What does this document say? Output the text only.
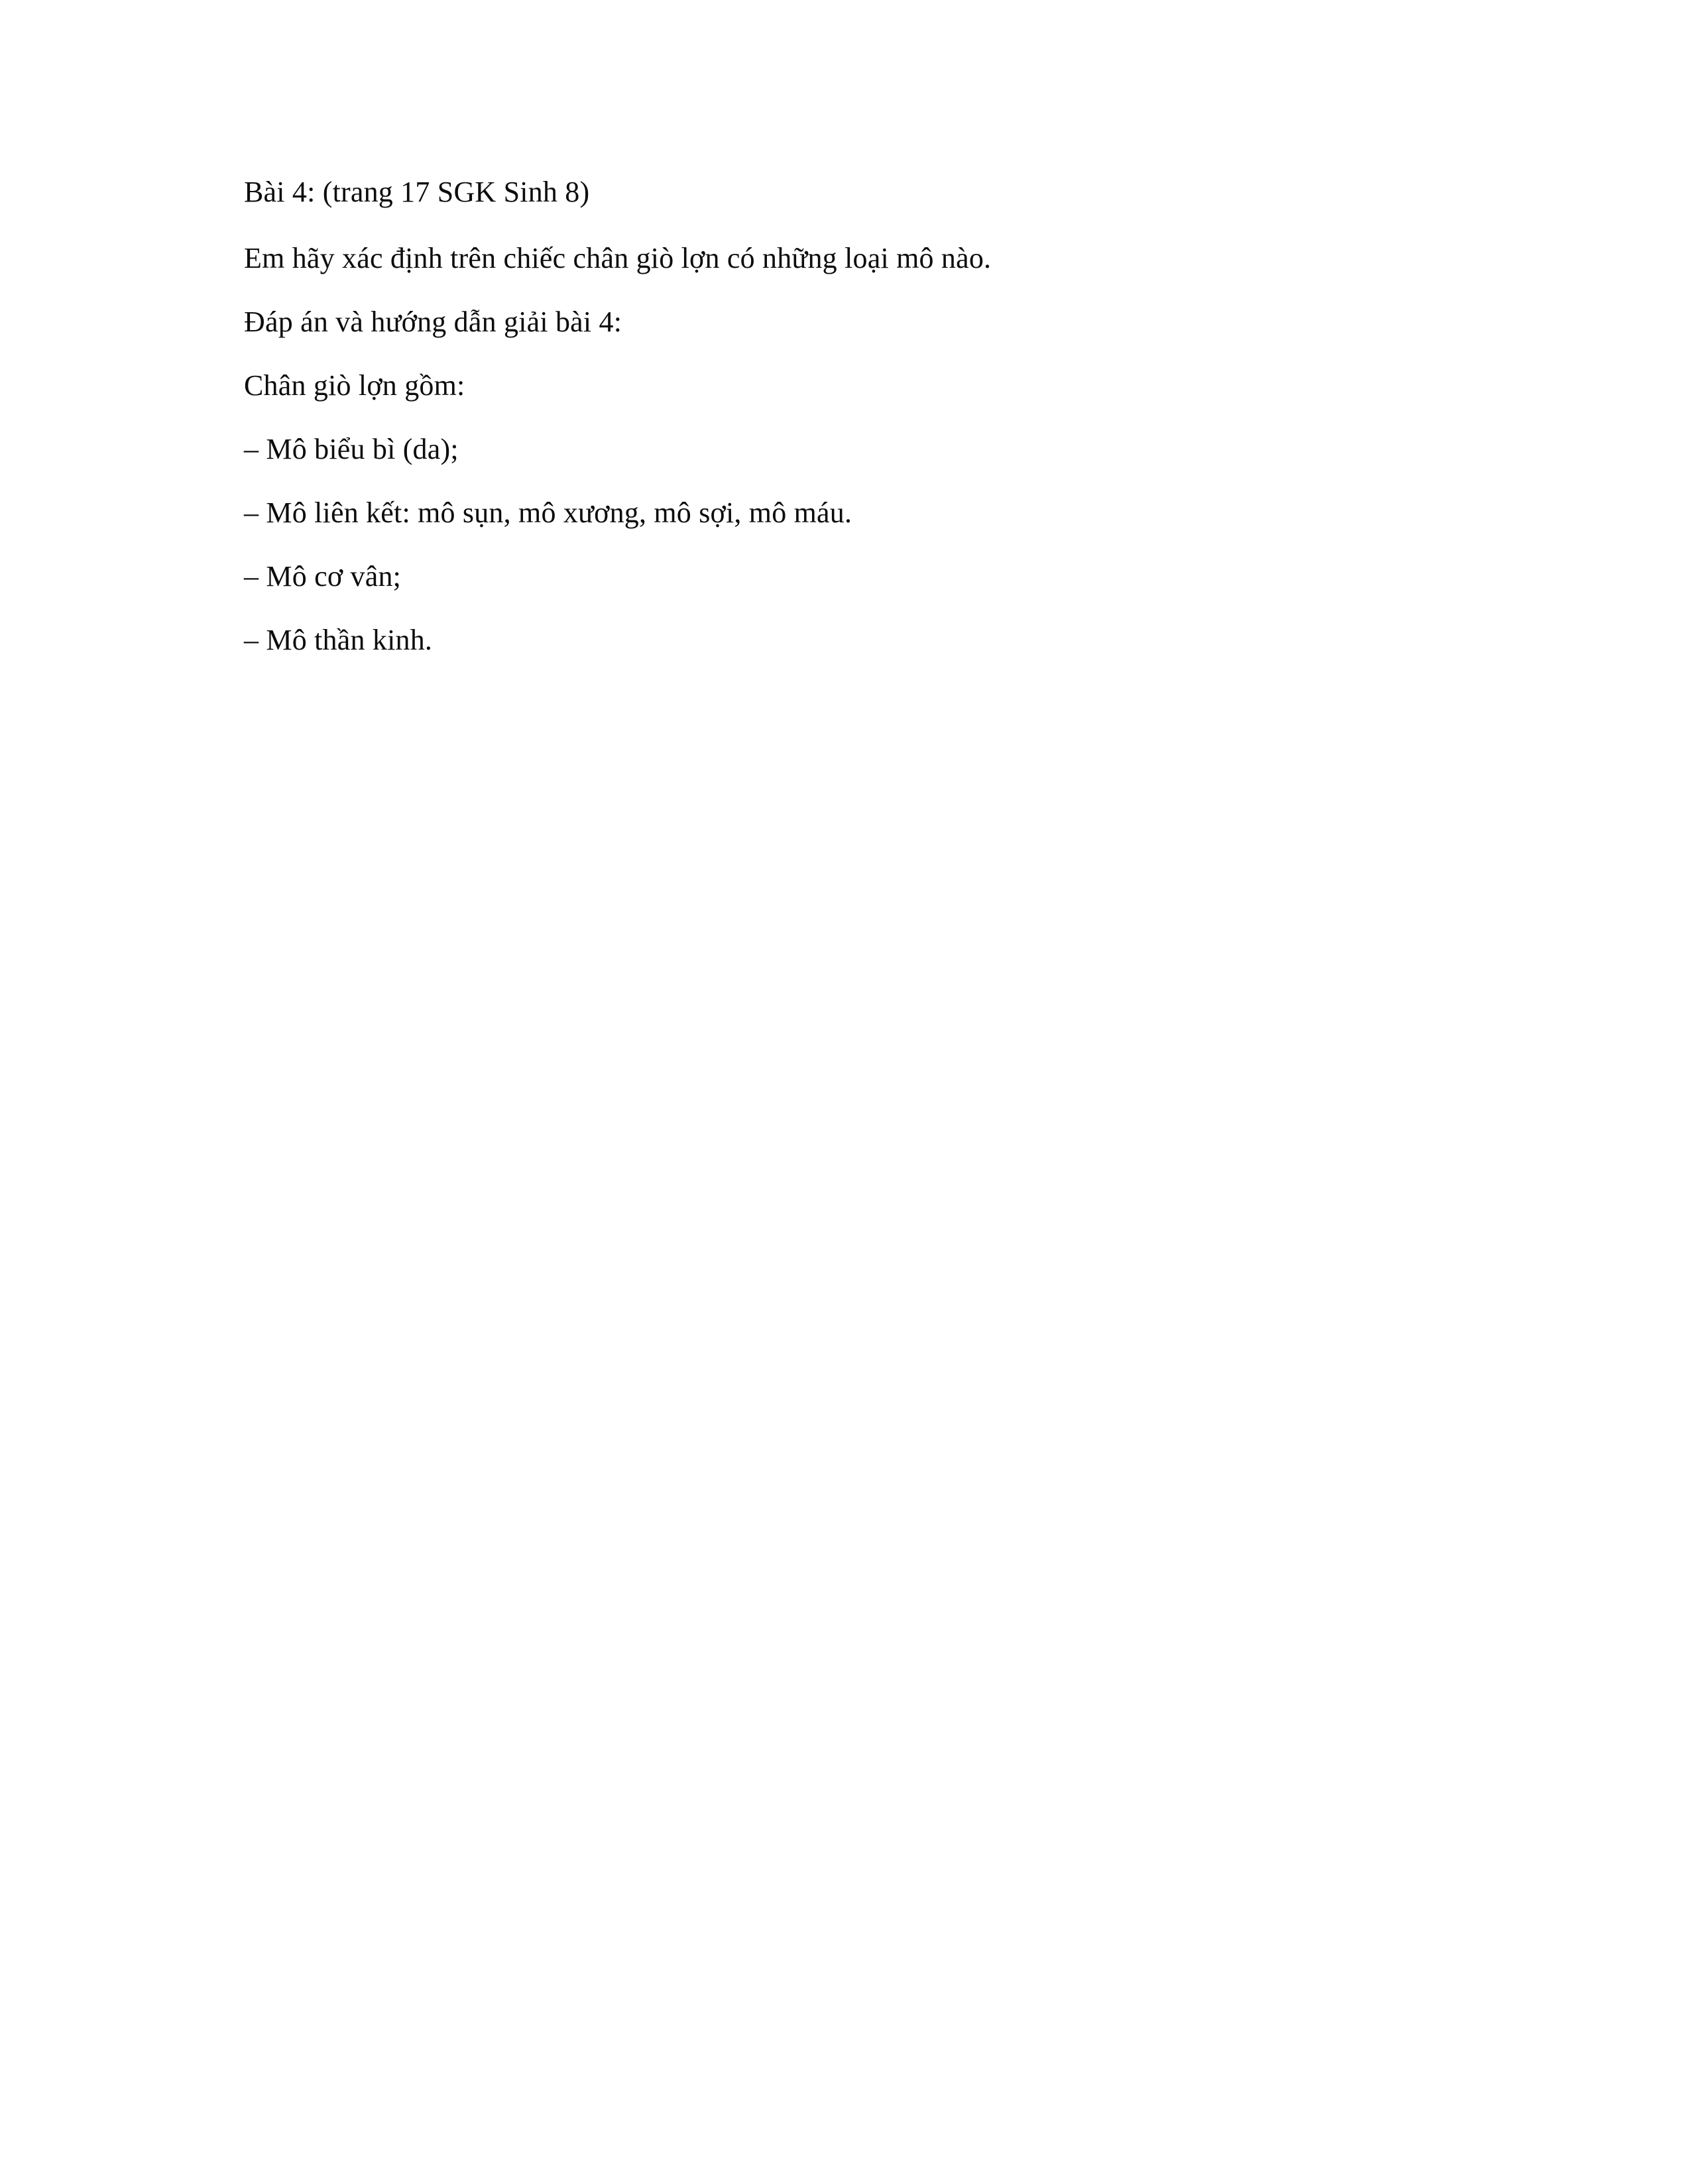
Bài 4: (trang 17 SGK Sinh 8)

Em hãy xác định trên chiếc chân giò lợn có những loại mô nào.

Đáp án và hướng dẫn giải bài 4:

Chân giò lợn gồm:

– Mô biểu bì (da);

– Mô liên kết: mô sụn, mô xương, mô sợi, mô máu.

– Mô cơ vân;

– Mô thần kinh.
